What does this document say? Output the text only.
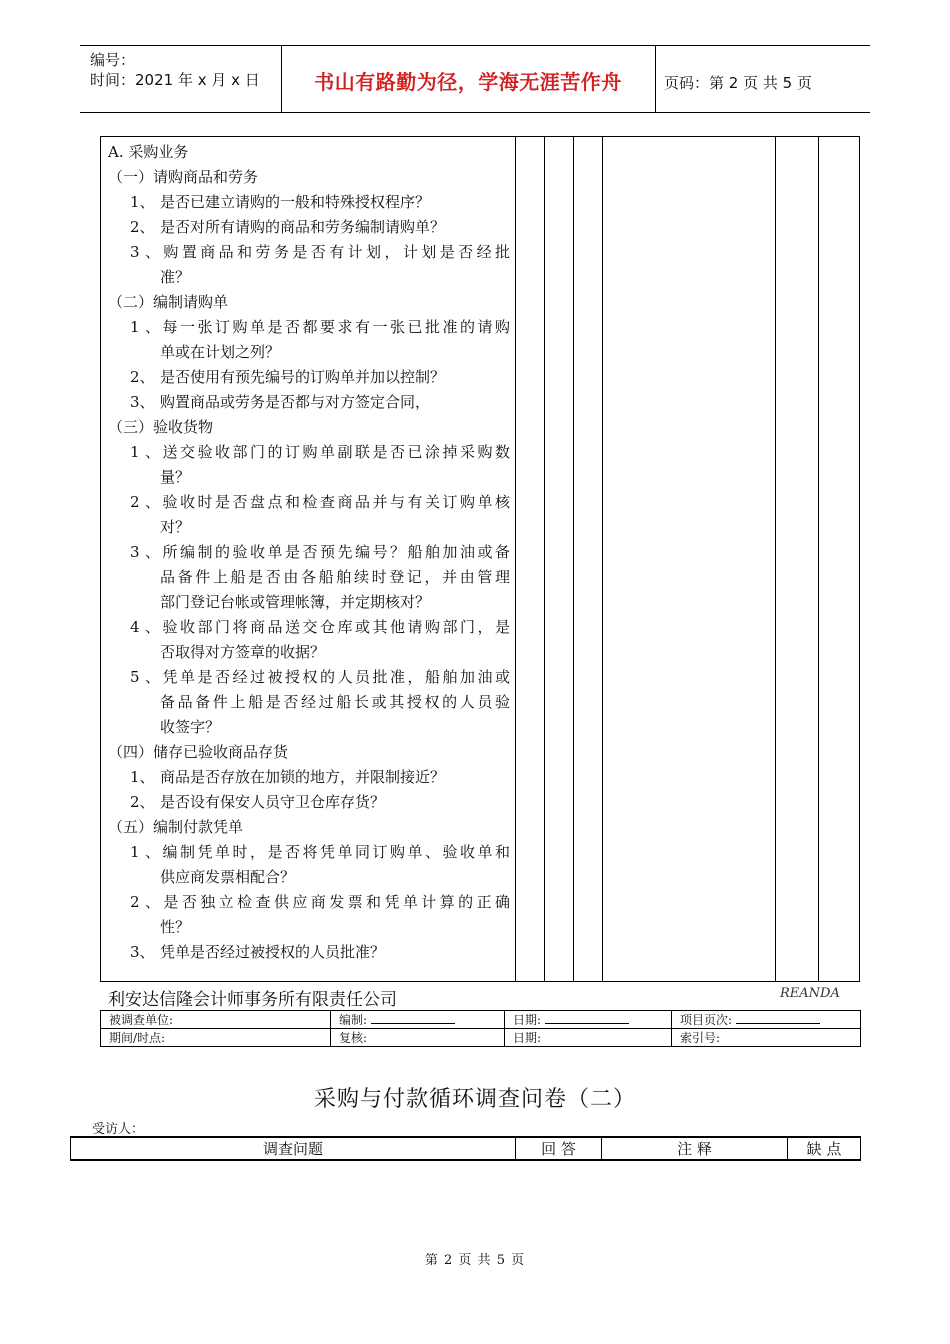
编号：
时间：2021 年 x 月 x 日	书山有路勤为径，学海无涯苦作舟	页码：第 2 页 共 5 页
A. 采购业务
（一）请购商品和劳务
1、 是否已建立请购的一般和特殊授权程序？
2、 是否对所有请购的商品和劳务编制请购单？
3、购置商品和劳务是否有计划，计划是否经批
准？
（二）编制请购单
1、每一张订购单是否都要求有一张已批准的请购
单或在计划之列？
2、 是否使用有预先编号的订购单并加以控制？
3、 购置商品或劳务是否都与对方签定合同，
（三）验收货物
1、送交验收部门的订购单副联是否已涂掉采购数
量？
2、验收时是否盘点和检查商品并与有关订购单核
对？
3、所编制的验收单是否预先编号？船舶加油或备
品备件上船是否由各船舶续时登记，并由管理
部门登记台帐或管理帐簿，并定期核对？
4、验收部门将商品送交仓库或其他请购部门，是
否取得对方签章的收据？
5、凭单是否经过被授权的人员批准，船舶加油或
备品备件上船是否经过船长或其授权的人员验
收签字？
（四）储存已验收商品存货
1、 商品是否存放在加锁的地方，并限制接近？
2、 是否设有保安人员守卫仓库存货？
（五）编制付款凭单
1、编制凭单时，是否将凭单同订购单、验收单和
供应商发票相配合？
2、是否独立检查供应商发票和凭单计算的正确
性？
3、 凭单是否经过被授权的人员批准？
利安达信隆会计师事务所有限责任公司	REANDA
被调查单位:	编制:	日期:	项目页次:
期间/时点:	复核:	日期:	索引号:
采购与付款循环调查问卷（二）
受访人：
调查问题	回 答	注 释	缺 点
第 2 页 共 5 页
